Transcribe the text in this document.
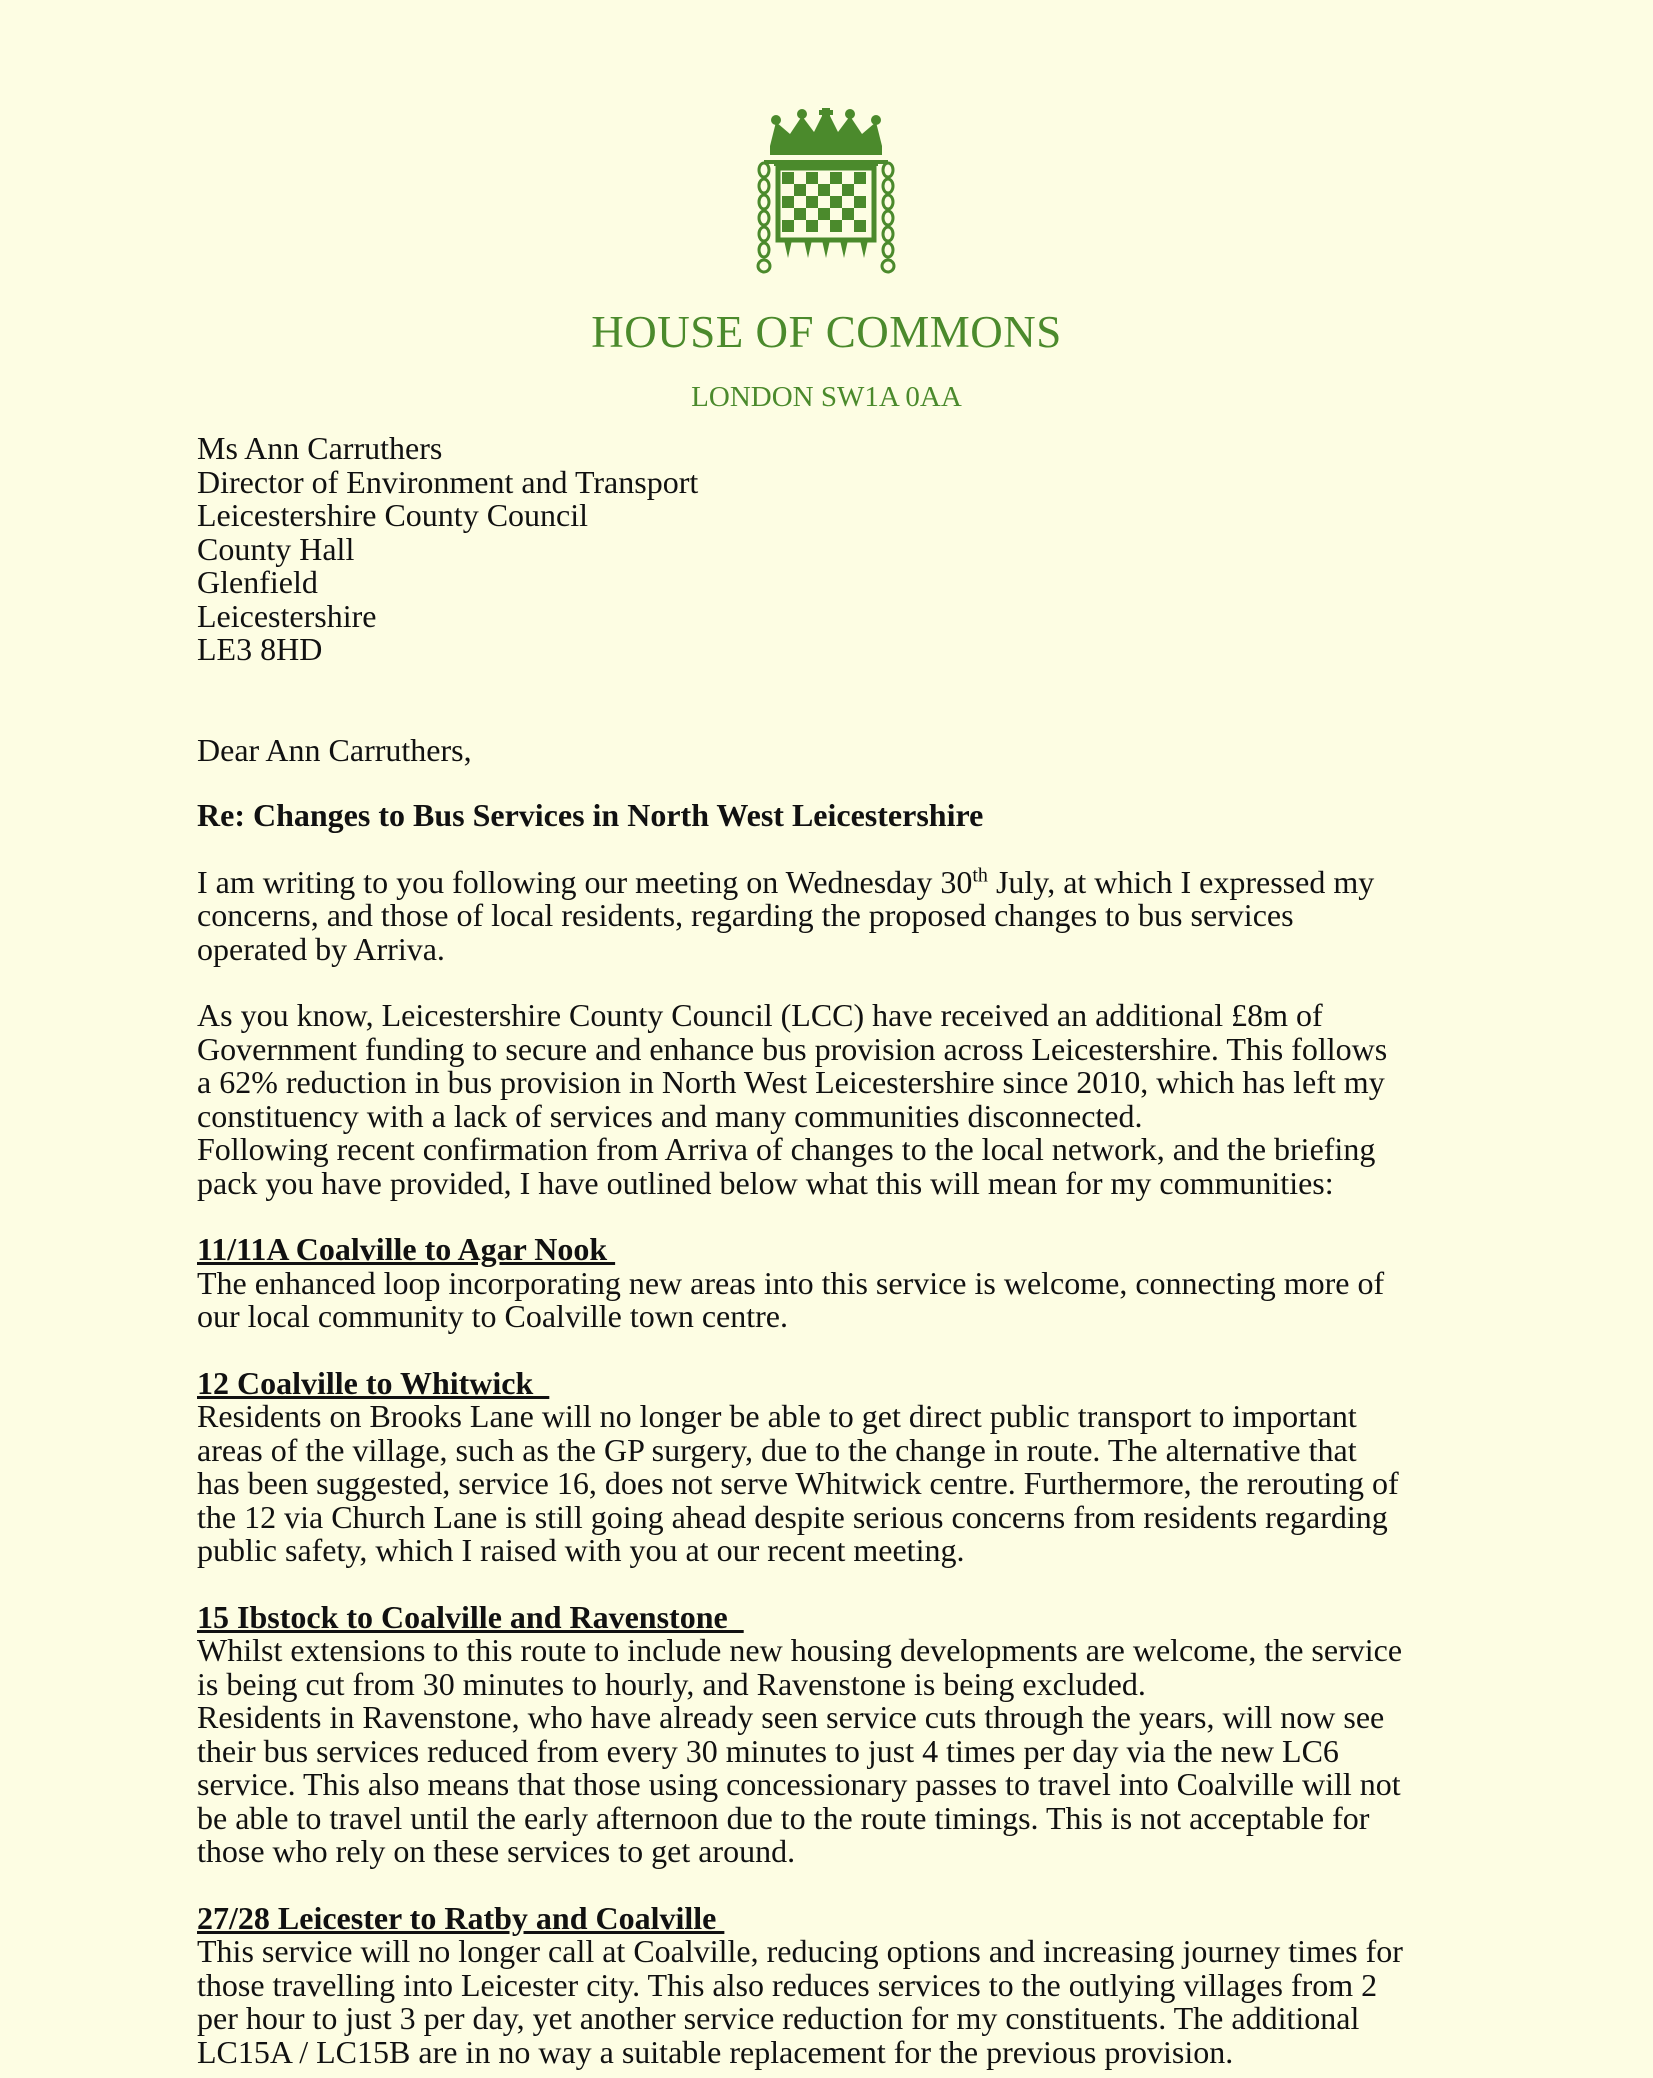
HOUSE OF COMMONS
LONDON SW1A 0AA
Ms Ann Carruthers
Director of Environment and Transport
Leicestershire County Council
County Hall
Glenfield
Leicestershire
LE3 8HD
Dear Ann Carruthers,
Re: Changes to Bus Services in North West Leicestershire
I am writing to you following our meeting on Wednesday 30th July, at which I expressed my
concerns, and those of local residents, regarding the proposed changes to bus services
operated by Arriva.
As you know, Leicestershire County Council (LCC) have received an additional £8m of
Government funding to secure and enhance bus provision across Leicestershire. This follows
a 62% reduction in bus provision in North West Leicestershire since 2010, which has left my
constituency with a lack of services and many communities disconnected.
Following recent confirmation from Arriva of changes to the local network, and the briefing
pack you have provided, I have outlined below what this will mean for my communities:
11/11A Coalville to Agar Nook
The enhanced loop incorporating new areas into this service is welcome, connecting more of
our local community to Coalville town centre.
12 Coalville to Whitwick
Residents on Brooks Lane will no longer be able to get direct public transport to important
areas of the village, such as the GP surgery, due to the change in route. The alternative that
has been suggested, service 16, does not serve Whitwick centre. Furthermore, the rerouting of
the 12 via Church Lane is still going ahead despite serious concerns from residents regarding
public safety, which I raised with you at our recent meeting.
15 Ibstock to Coalville and Ravenstone
Whilst extensions to this route to include new housing developments are welcome, the service
is being cut from 30 minutes to hourly, and Ravenstone is being excluded.
Residents in Ravenstone, who have already seen service cuts through the years, will now see
their bus services reduced from every 30 minutes to just 4 times per day via the new LC6
service. This also means that those using concessionary passes to travel into Coalville will not
be able to travel until the early afternoon due to the route timings. This is not acceptable for
those who rely on these services to get around.
27/28 Leicester to Ratby and Coalville
This service will no longer call at Coalville, reducing options and increasing journey times for
those travelling into Leicester city. This also reduces services to the outlying villages from 2
per hour to just 3 per day, yet another service reduction for my constituents. The additional
LC15A / LC15B are in no way a suitable replacement for the previous provision.
